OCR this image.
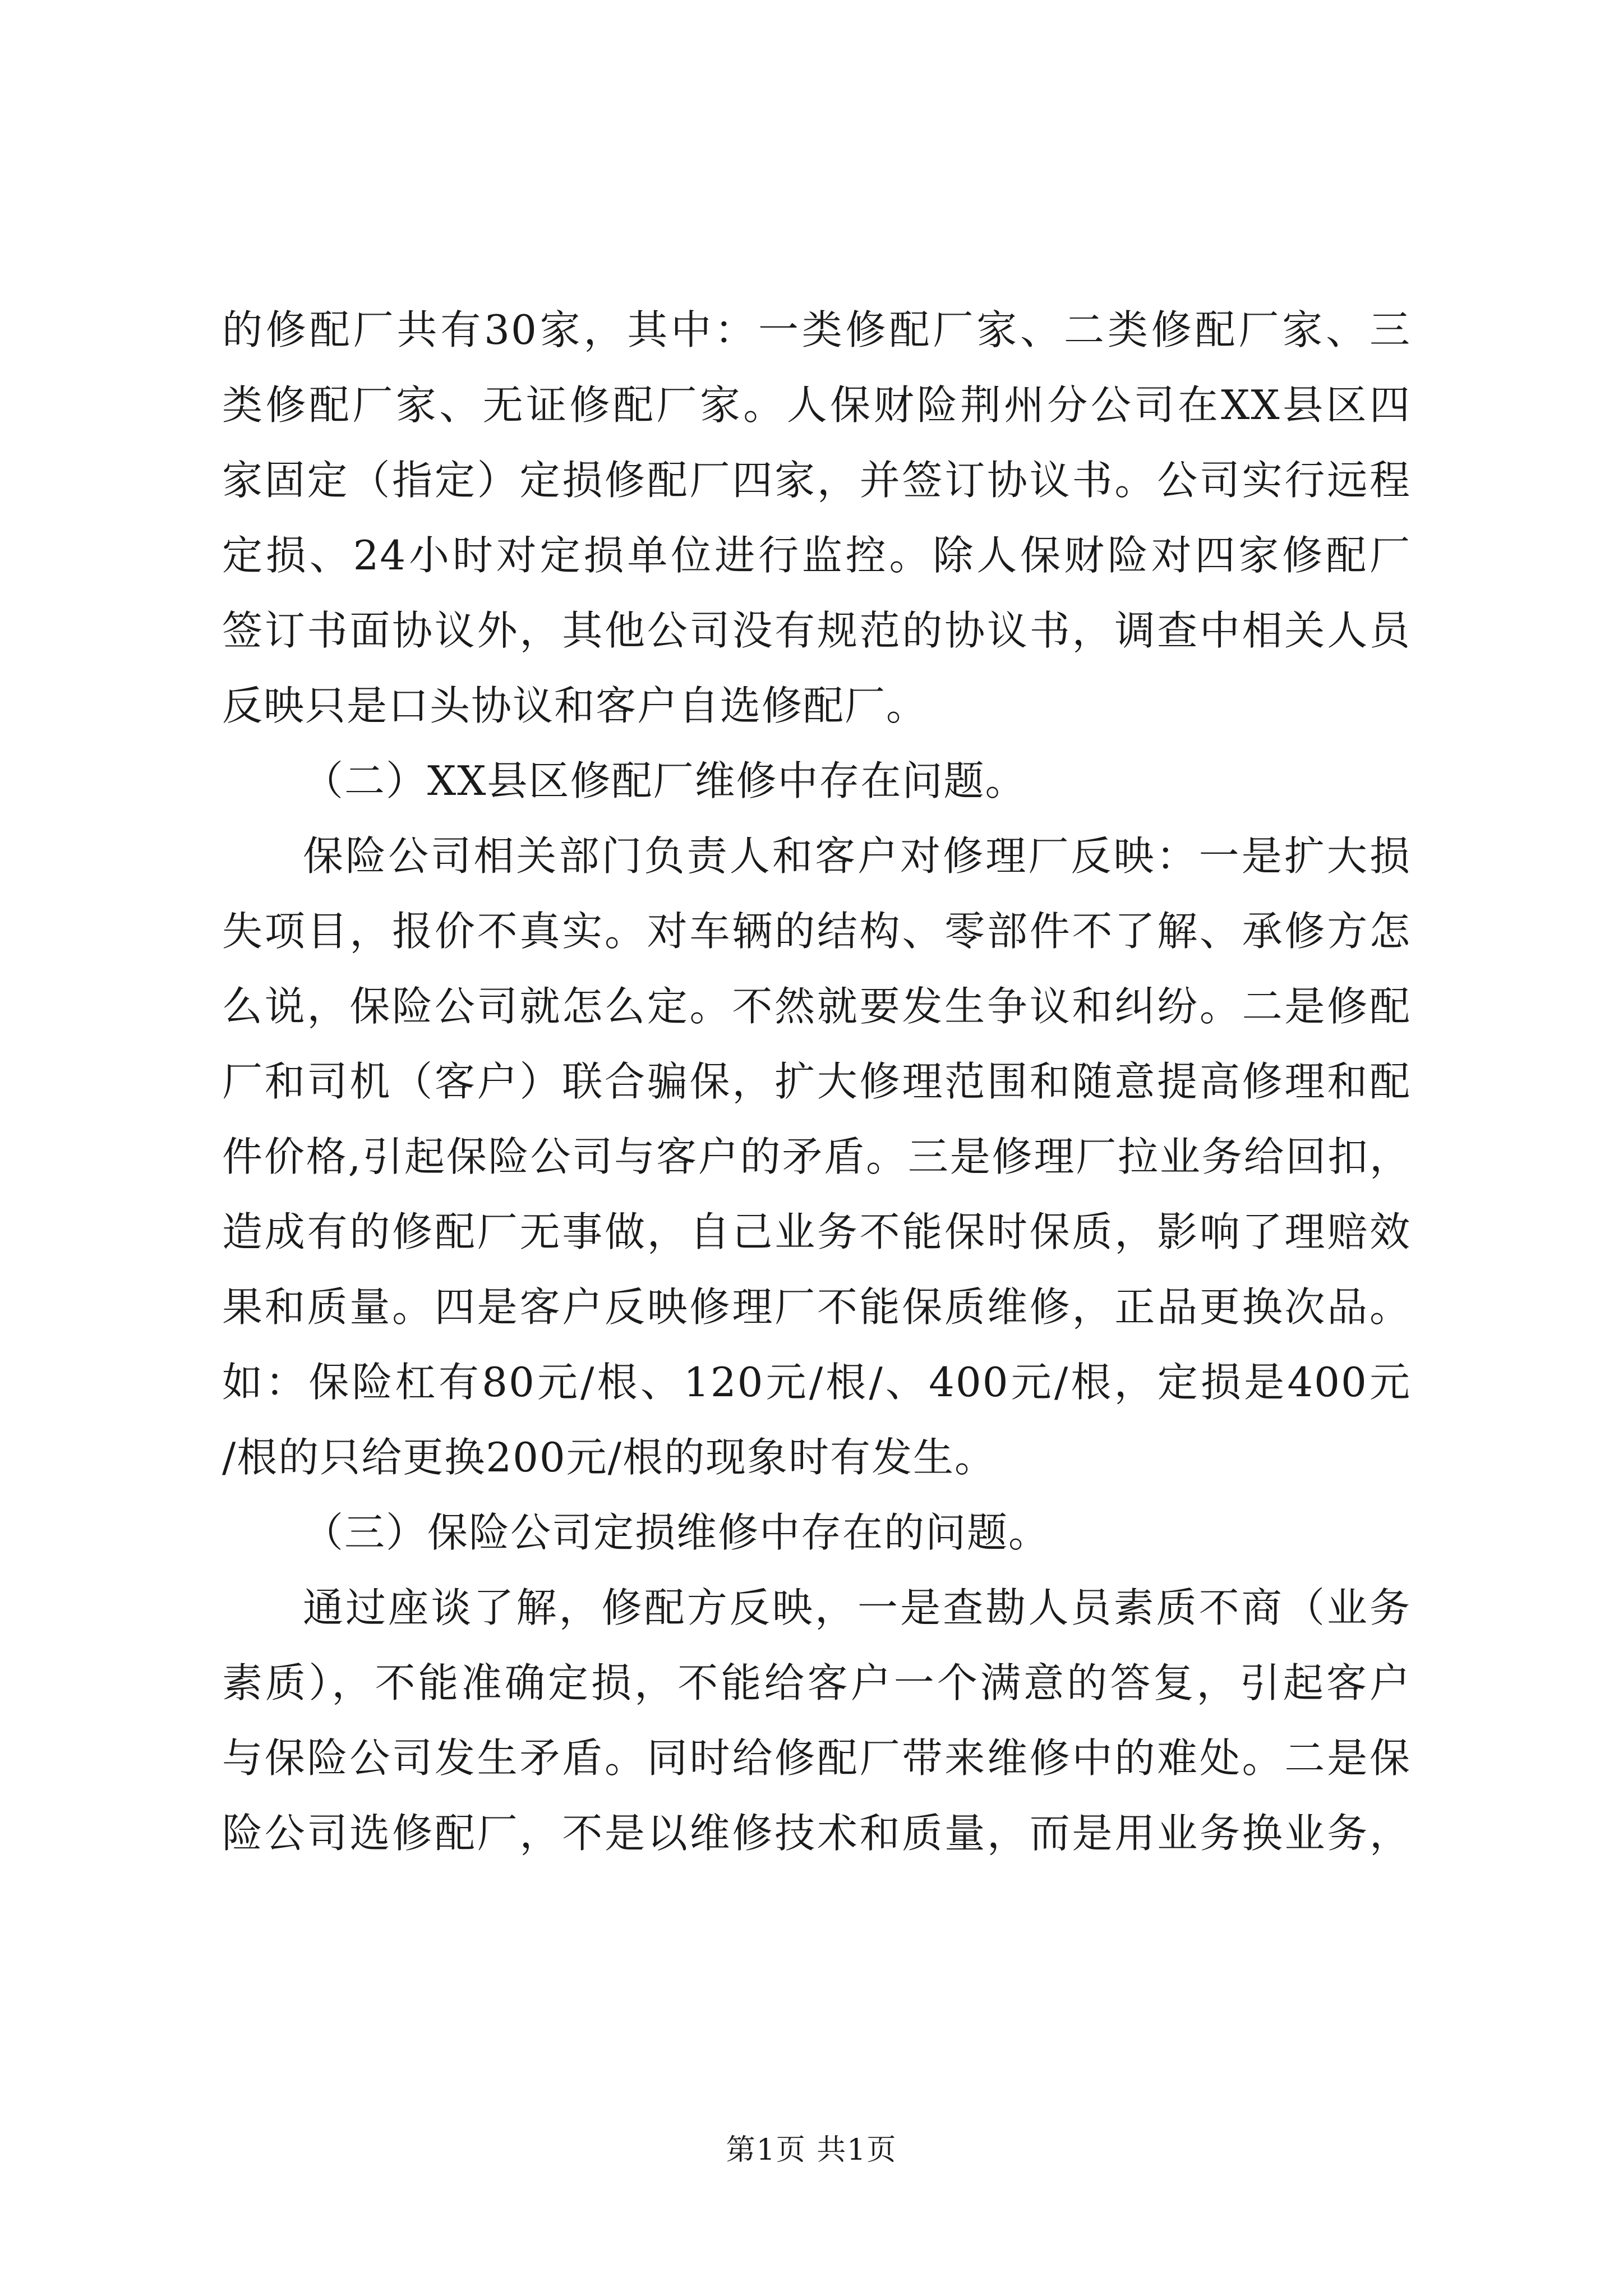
的修配厂共有30家，其中：一类修配厂家、二类修配厂家、三
类修配厂家、无证修配厂家。人保财险荆州分公司在XX县区四
家固定（指定）定损修配厂四家，并签订协议书。公司实行远程
定损、24小时对定损单位进行监控。除人保财险对四家修配厂
签订书面协议外，其他公司没有规范的协议书，调查中相关人员
反映只是口头协议和客户自选修配厂。
（二）XX县区修配厂维修中存在问题。
保险公司相关部门负责人和客户对修理厂反映：一是扩大损
失项目，报价不真实。对车辆的结构、零部件不了解、承修方怎
么说，保险公司就怎么定。不然就要发生争议和纠纷。二是修配
厂和司机（客户）联合骗保，扩大修理范围和随意提高修理和配
件价格,引起保险公司与客户的矛盾。三是修理厂拉业务给回扣，
造成有的修配厂无事做，自己业务不能保时保质，影响了理赔效
果和质量。四是客户反映修理厂不能保质维修，正品更换次品。
如：保险杠有80元/根、120元/根/、400元/根，定损是400元
/根的只给更换200元/根的现象时有发生。
（三）保险公司定损维修中存在的问题。
通过座谈了解，修配方反映，一是查勘人员素质不商（业务
素质），不能准确定损，不能给客户一个满意的答复，引起客户
与保险公司发生矛盾。同时给修配厂带来维修中的难处。二是保
险公司选修配厂，不是以维修技术和质量，而是用业务换业务，
第1页 共1页
